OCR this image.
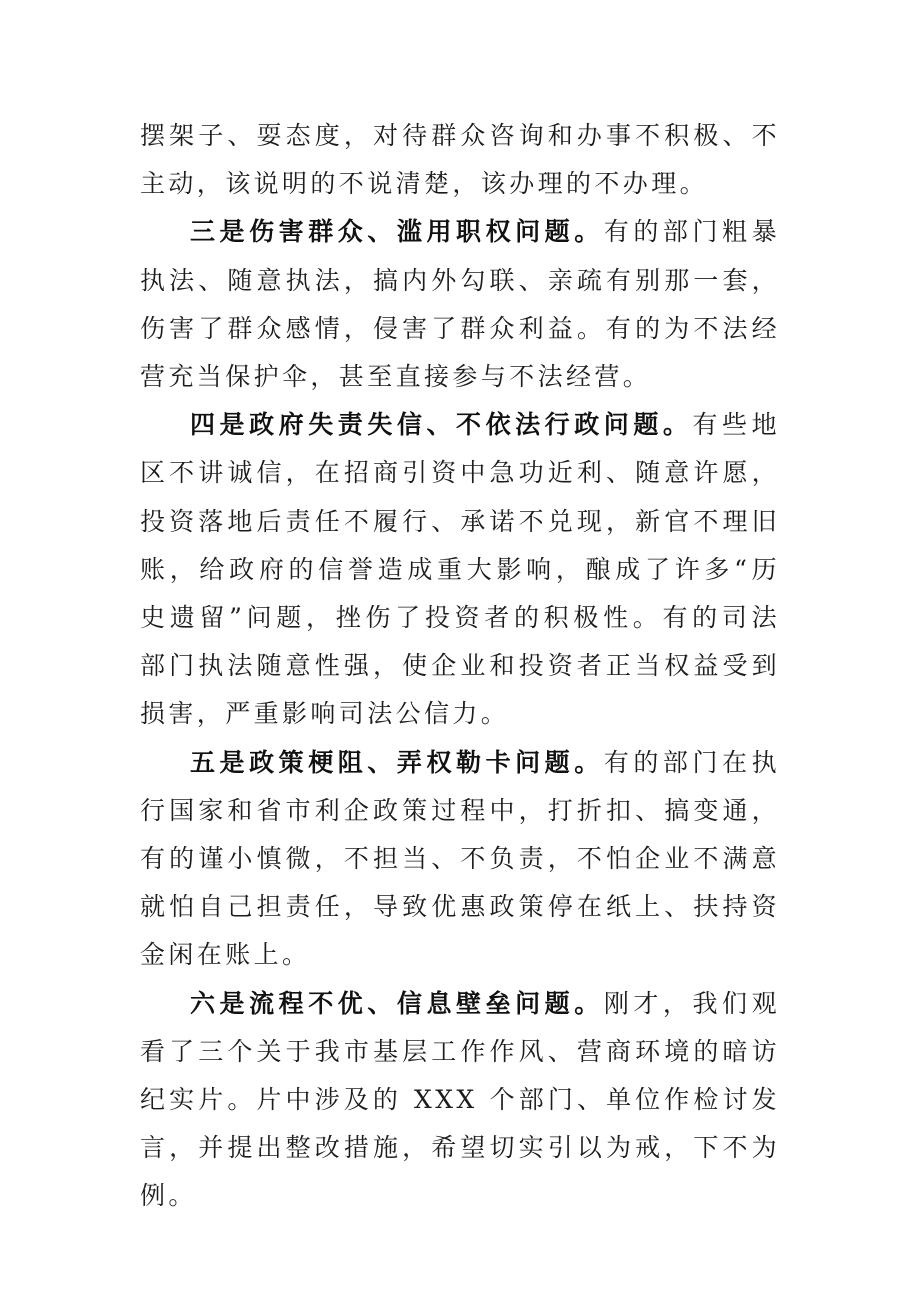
摆架子、耍态度，对待群众咨询和办事不积极、不主动，该说明的不说清楚，该办理的不办理。

三是伤害群众、滥用职权问题。有的部门粗暴执法、随意执法，搞内外勾联、亲疏有别那一套，伤害了群众感情，侵害了群众利益。有的为不法经营充当保护伞，甚至直接参与不法经营。

四是政府失责失信、不依法行政问题。有些地区不讲诚信，在招商引资中急功近利、随意许愿，投资落地后责任不履行、承诺不兑现，新官不理旧账，给政府的信誉造成重大影响，酿成了许多“历史遗留”问题，挫伤了投资者的积极性。有的司法部门执法随意性强，使企业和投资者正当权益受到损害，严重影响司法公信力。

五是政策梗阻、弄权勒卡问题。有的部门在执行国家和省市利企政策过程中，打折扣、搞变通，有的谨小慎微，不担当、不负责，不怕企业不满意就怕自己担责任，导致优惠政策停在纸上、扶持资金闲在账上。

六是流程不优、信息壁垒问题。刚才，我们观看了三个关于我市基层工作作风、营商环境的暗访纪实片。片中涉及的 XXX 个部门、单位作检讨发言，并提出整改措施，希望切实引以为戒，下不为例。
